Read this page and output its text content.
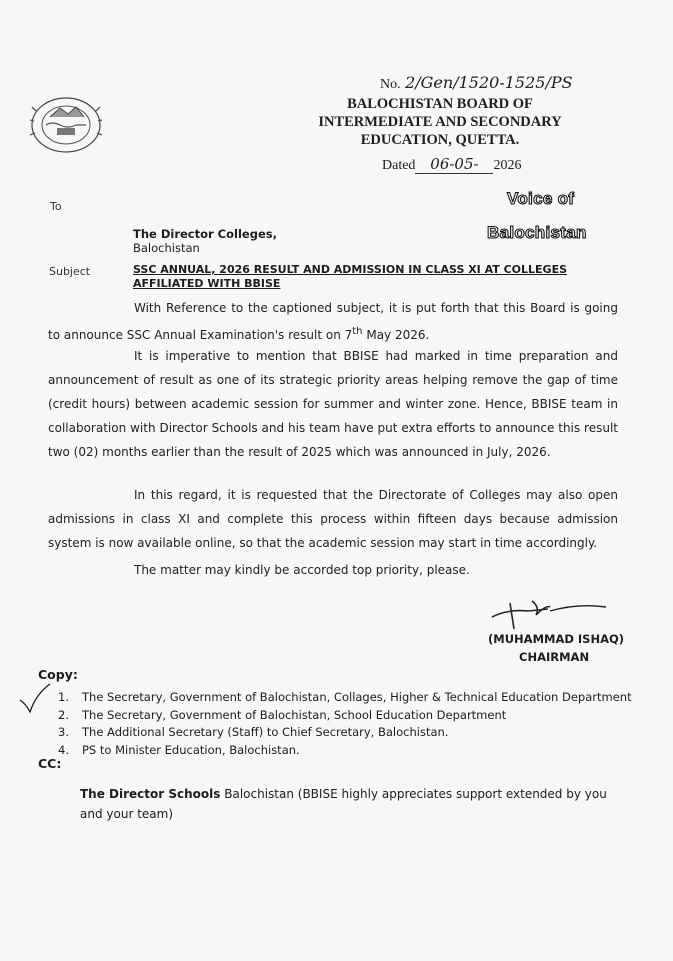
No. 2/Gen/1520-1525/PS
BALOCHISTAN BOARD OF
INTERMEDIATE AND SECONDARY
EDUCATION, QUETTA.
Dated 06-05- 2026
Voice of
Balochistan
To
The Director Colleges,
Balochistan
Subject	SSC ANNUAL, 2026 RESULT AND ADMISSION IN CLASS XI AT COLLEGES AFFILIATED WITH BBISE

With Reference to the captioned subject, it is put forth that this Board is going to announce SSC Annual Examination's result on 7th May 2026.

It is imperative to mention that BBISE had marked in time preparation and announcement of result as one of its strategic priority areas helping remove the gap of time (credit hours) between academic session for summer and winter zone. Hence, BBISE team in collaboration with Director Schools and his team have put extra efforts to announce this result two (02) months earlier than the result of 2025 which was announced in July, 2026.

In this regard, it is requested that the Directorate of Colleges may also open admissions in class XI and complete this process within fifteen days because admission system is now available online, so that the academic session may start in time accordingly.

The matter may kindly be accorded top priority, please.

(MUHAMMAD ISHAQ)
CHAIRMAN
Copy:
1. The Secretary, Government of Balochistan, Collages, Higher & Technical Education Department
2. The Secretary, Government of Balochistan, School Education Department
3. The Additional Secretary (Staff) to Chief Secretary, Balochistan.
4. PS to Minister Education, Balochistan.
CC:
The Director Schools Balochistan (BBISE highly appreciates support extended by you and your team)
